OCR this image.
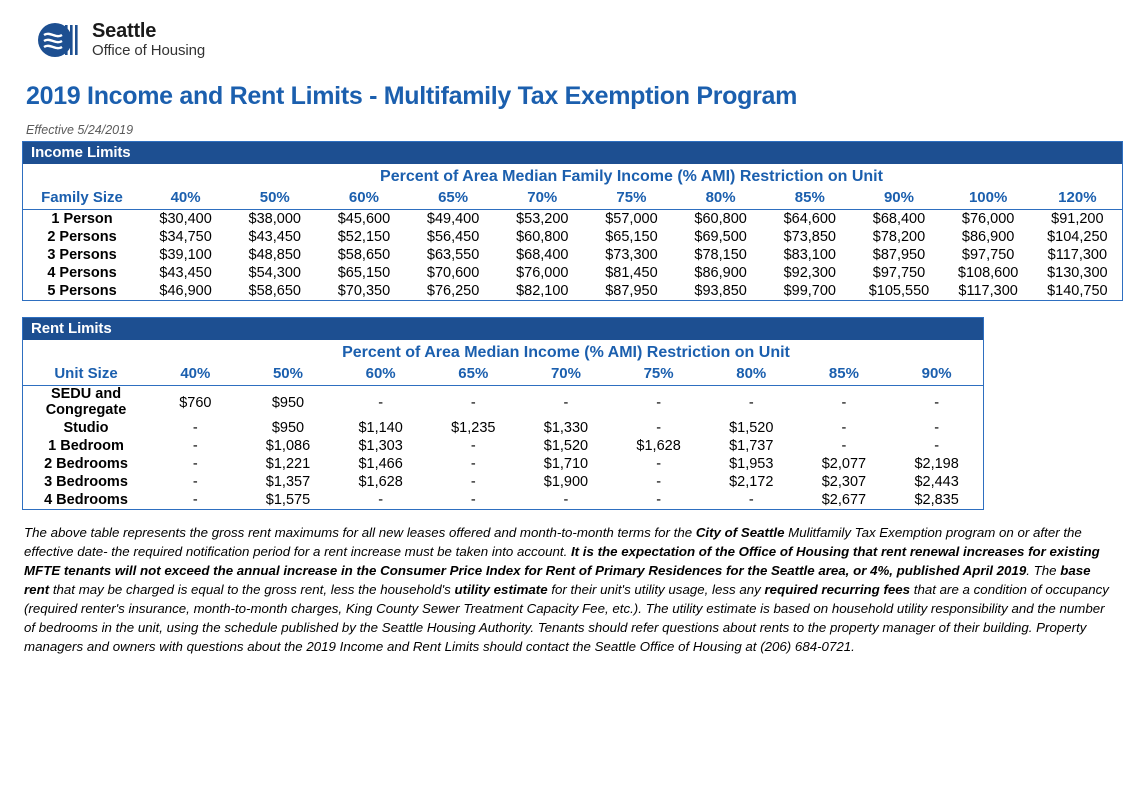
Seattle
Office of Housing
2019 Income and Rent Limits - Multifamily Tax Exemption Program
Effective 5/24/2019
Income Limits
	Percent of Area Median Family Income (% AMI) Restriction on Unit										
Family Size	40%	50%	60%	65%	70%	75%	80%	85%	90%	100%	120%
1 Person	$30,400	$38,000	$45,600	$49,400	$53,200	$57,000	$60,800	$64,600	$68,400	$76,000	$91,200
2 Persons	$34,750	$43,450	$52,150	$56,450	$60,800	$65,150	$69,500	$73,850	$78,200	$86,900	$104,250
3 Persons	$39,100	$48,850	$58,650	$63,550	$68,400	$73,300	$78,150	$83,100	$87,950	$97,750	$117,300
4 Persons	$43,450	$54,300	$65,150	$70,600	$76,000	$81,450	$86,900	$92,300	$97,750	$108,600	$130,300
5 Persons	$46,900	$58,650	$70,350	$76,250	$82,100	$87,950	$93,850	$99,700	$105,550	$117,300	$140,750
Rent Limits
	Percent of Area Median Income (% AMI) Restriction on Unit								
Unit Size	40%	50%	60%	65%	70%	75%	80%	85%	90%

SEDU and
Congregate	$760	$950	-	-	-	-	-	-	-
Studio	-	$950	$1,140	$1,235	$1,330	-	$1,520	-	-
1 Bedroom	-	$1,086	$1,303	-	$1,520	$1,628	$1,737	-	-
2 Bedrooms	-	$1,221	$1,466	-	$1,710	-	$1,953	$2,077	$2,198
3 Bedrooms	-	$1,357	$1,628	-	$1,900	-	$2,172	$2,307	$2,443
4 Bedrooms	-	$1,575	-	-	-	-	-	$2,677	$2,835

The above table represents the gross rent maximums for all new leases offered and month-to-month terms for the City of Seattle Mulitfamily Tax Exemption program on or after the effective date- the required notification period for a rent increase must be taken into account. It is the expectation of the Office of Housing that rent renewal increases for existing MFTE tenants will not exceed the annual increase in the Consumer Price Index for Rent of Primary Residences for the Seattle area, or 4%, published April 2019. The base rent that may be charged is equal to the gross rent, less the household's utility estimate for their unit's utility usage, less any required recurring fees that are a condition of occupancy (required renter's insurance, month-to-month charges, King County Sewer Treatment Capacity Fee, etc.). The utility estimate is based on household utility responsibility and the number of bedrooms in the unit, using the schedule published by the Seattle Housing Authority. Tenants should refer questions about rents to the property manager of their building. Property managers and owners with questions about the 2019 Income and Rent Limits should contact the Seattle Office of Housing at (206) 684-0721.
